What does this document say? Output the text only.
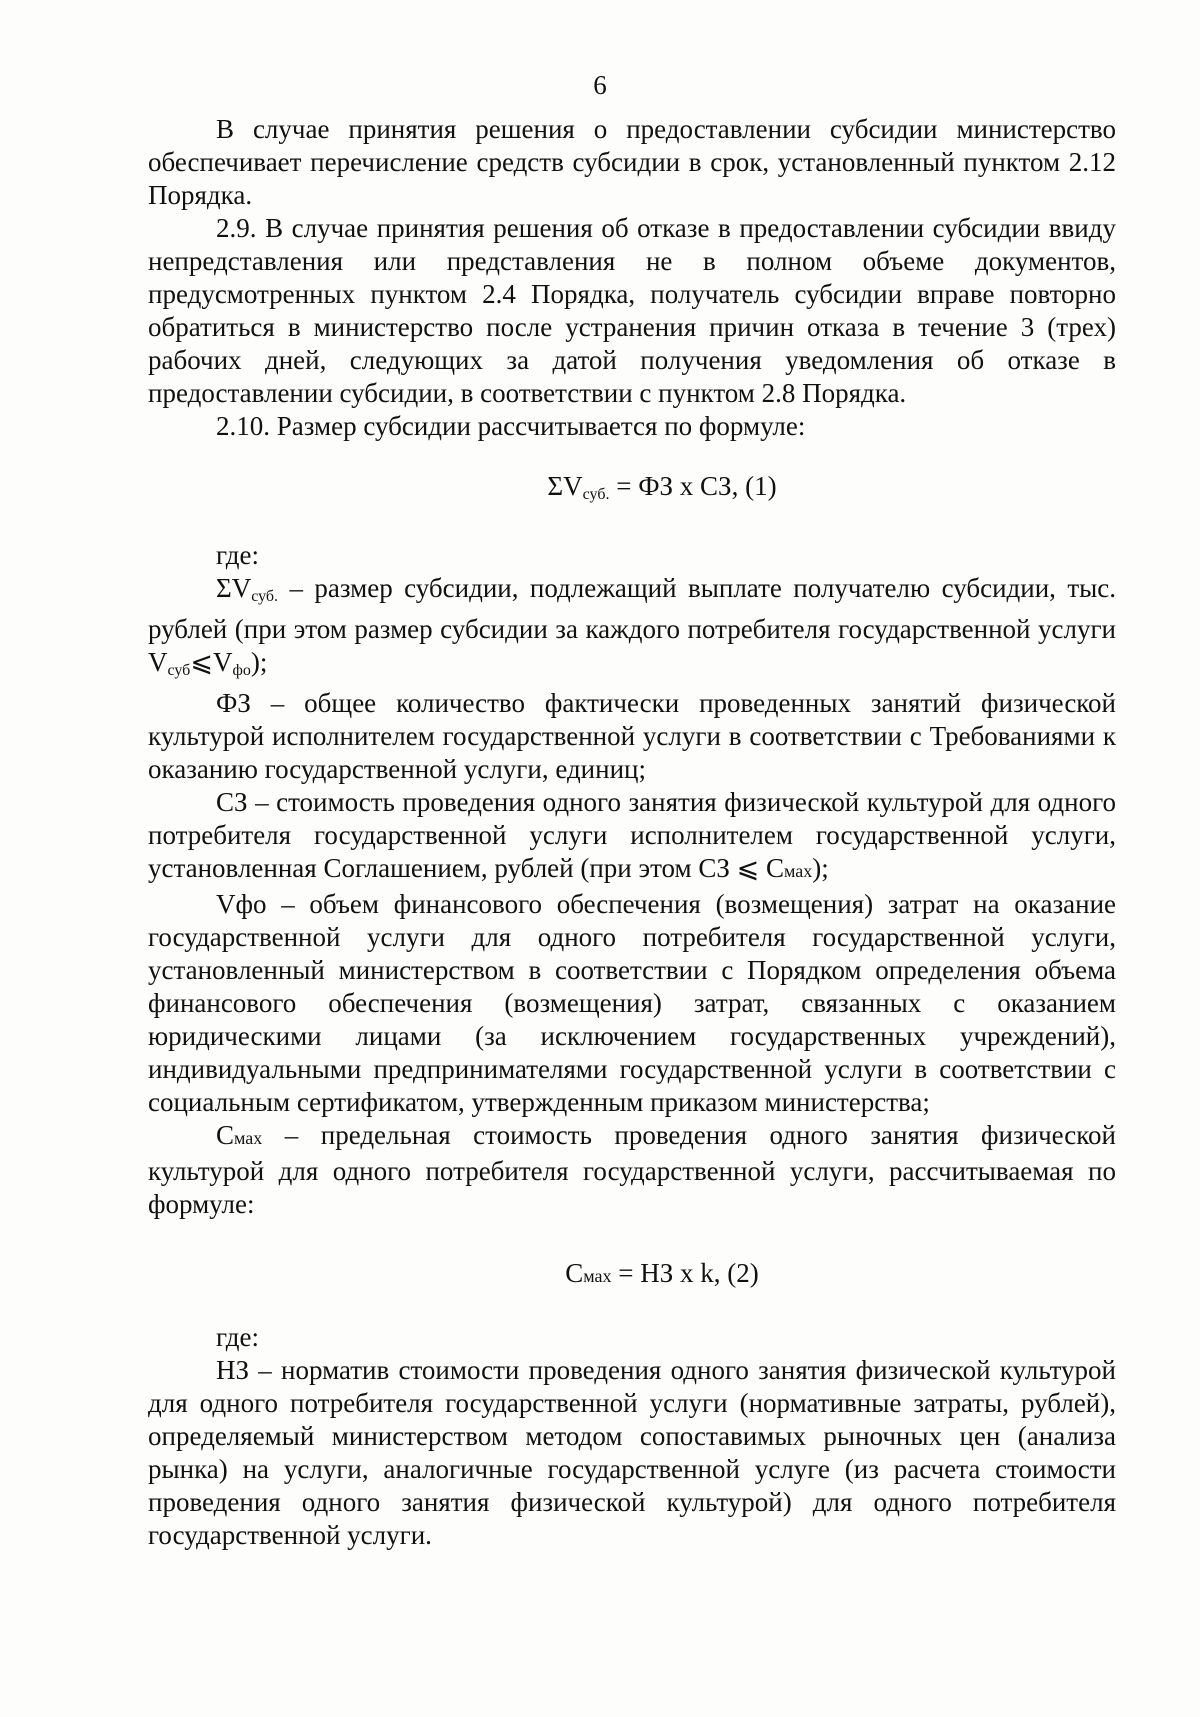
6

В случае принятия решения о предоставлении субсидии министерство обеспечивает перечисление средств субсидии в срок, установленный пунктом 2.12 Порядка.

2.9. В случае принятия решения об отказе в предоставлении субсидии ввиду непредставления или представления не в полном объеме документов, предусмотренных пунктом 2.4 Порядка, получатель субсидии вправе повторно обратиться в министерство после устранения причин отказа в течение 3 (трех) рабочих дней, следующих за датой получения уведомления об отказе в предоставлении субсидии, в соответствии с пунктом 2.8 Порядка.

2.10. Размер субсидии рассчитывается по формуле:

$\Sigma V_{суб.}$ = ФЗ х СЗ, (1)

где:

$\Sigma V_{суб.}$ – размер субсидии, подлежащий выплате получателю субсидии, тыс. рублей (при этом размер субсидии за каждого потребителя государственной услуги $V_{суб}⩽V_{фо}$);

ФЗ – общее количество фактически проведенных занятий физической культурой исполнителем государственной услуги в соответствии с Требованиями к оказанию государственной услуги, единиц;

СЗ – стоимость проведения одного занятия физической культурой для одного потребителя государственной услуги исполнителем государственной услуги, установленная Соглашением, рублей (при этом СЗ ⩽ Смах);

Vфо – объем финансового обеспечения (возмещения) затрат на оказание государственной услуги для одного потребителя государственной услуги, установленный министерством в соответствии с Порядком определения объема финансового обеспечения (возмещения) затрат, связанных с оказанием юридическими лицами (за исключением государственных учреждений), индивидуальными предпринимателями государственной услуги в соответствии с социальным сертификатом, утвержденным приказом министерства;

Смах – предельная стоимость проведения одного занятия физической культурой для одного потребителя государственной услуги, рассчитываемая по формуле:

Смах = НЗ х k, (2)

где:

НЗ – норматив стоимости проведения одного занятия физической культурой для одного потребителя государственной услуги (нормативные затраты, рублей), определяемый министерством методом сопоставимых рыночных цен (анализа рынка) на услуги, аналогичные государственной услуге (из расчета стоимости проведения одного занятия физической культурой) для одного потребителя государственной услуги.
